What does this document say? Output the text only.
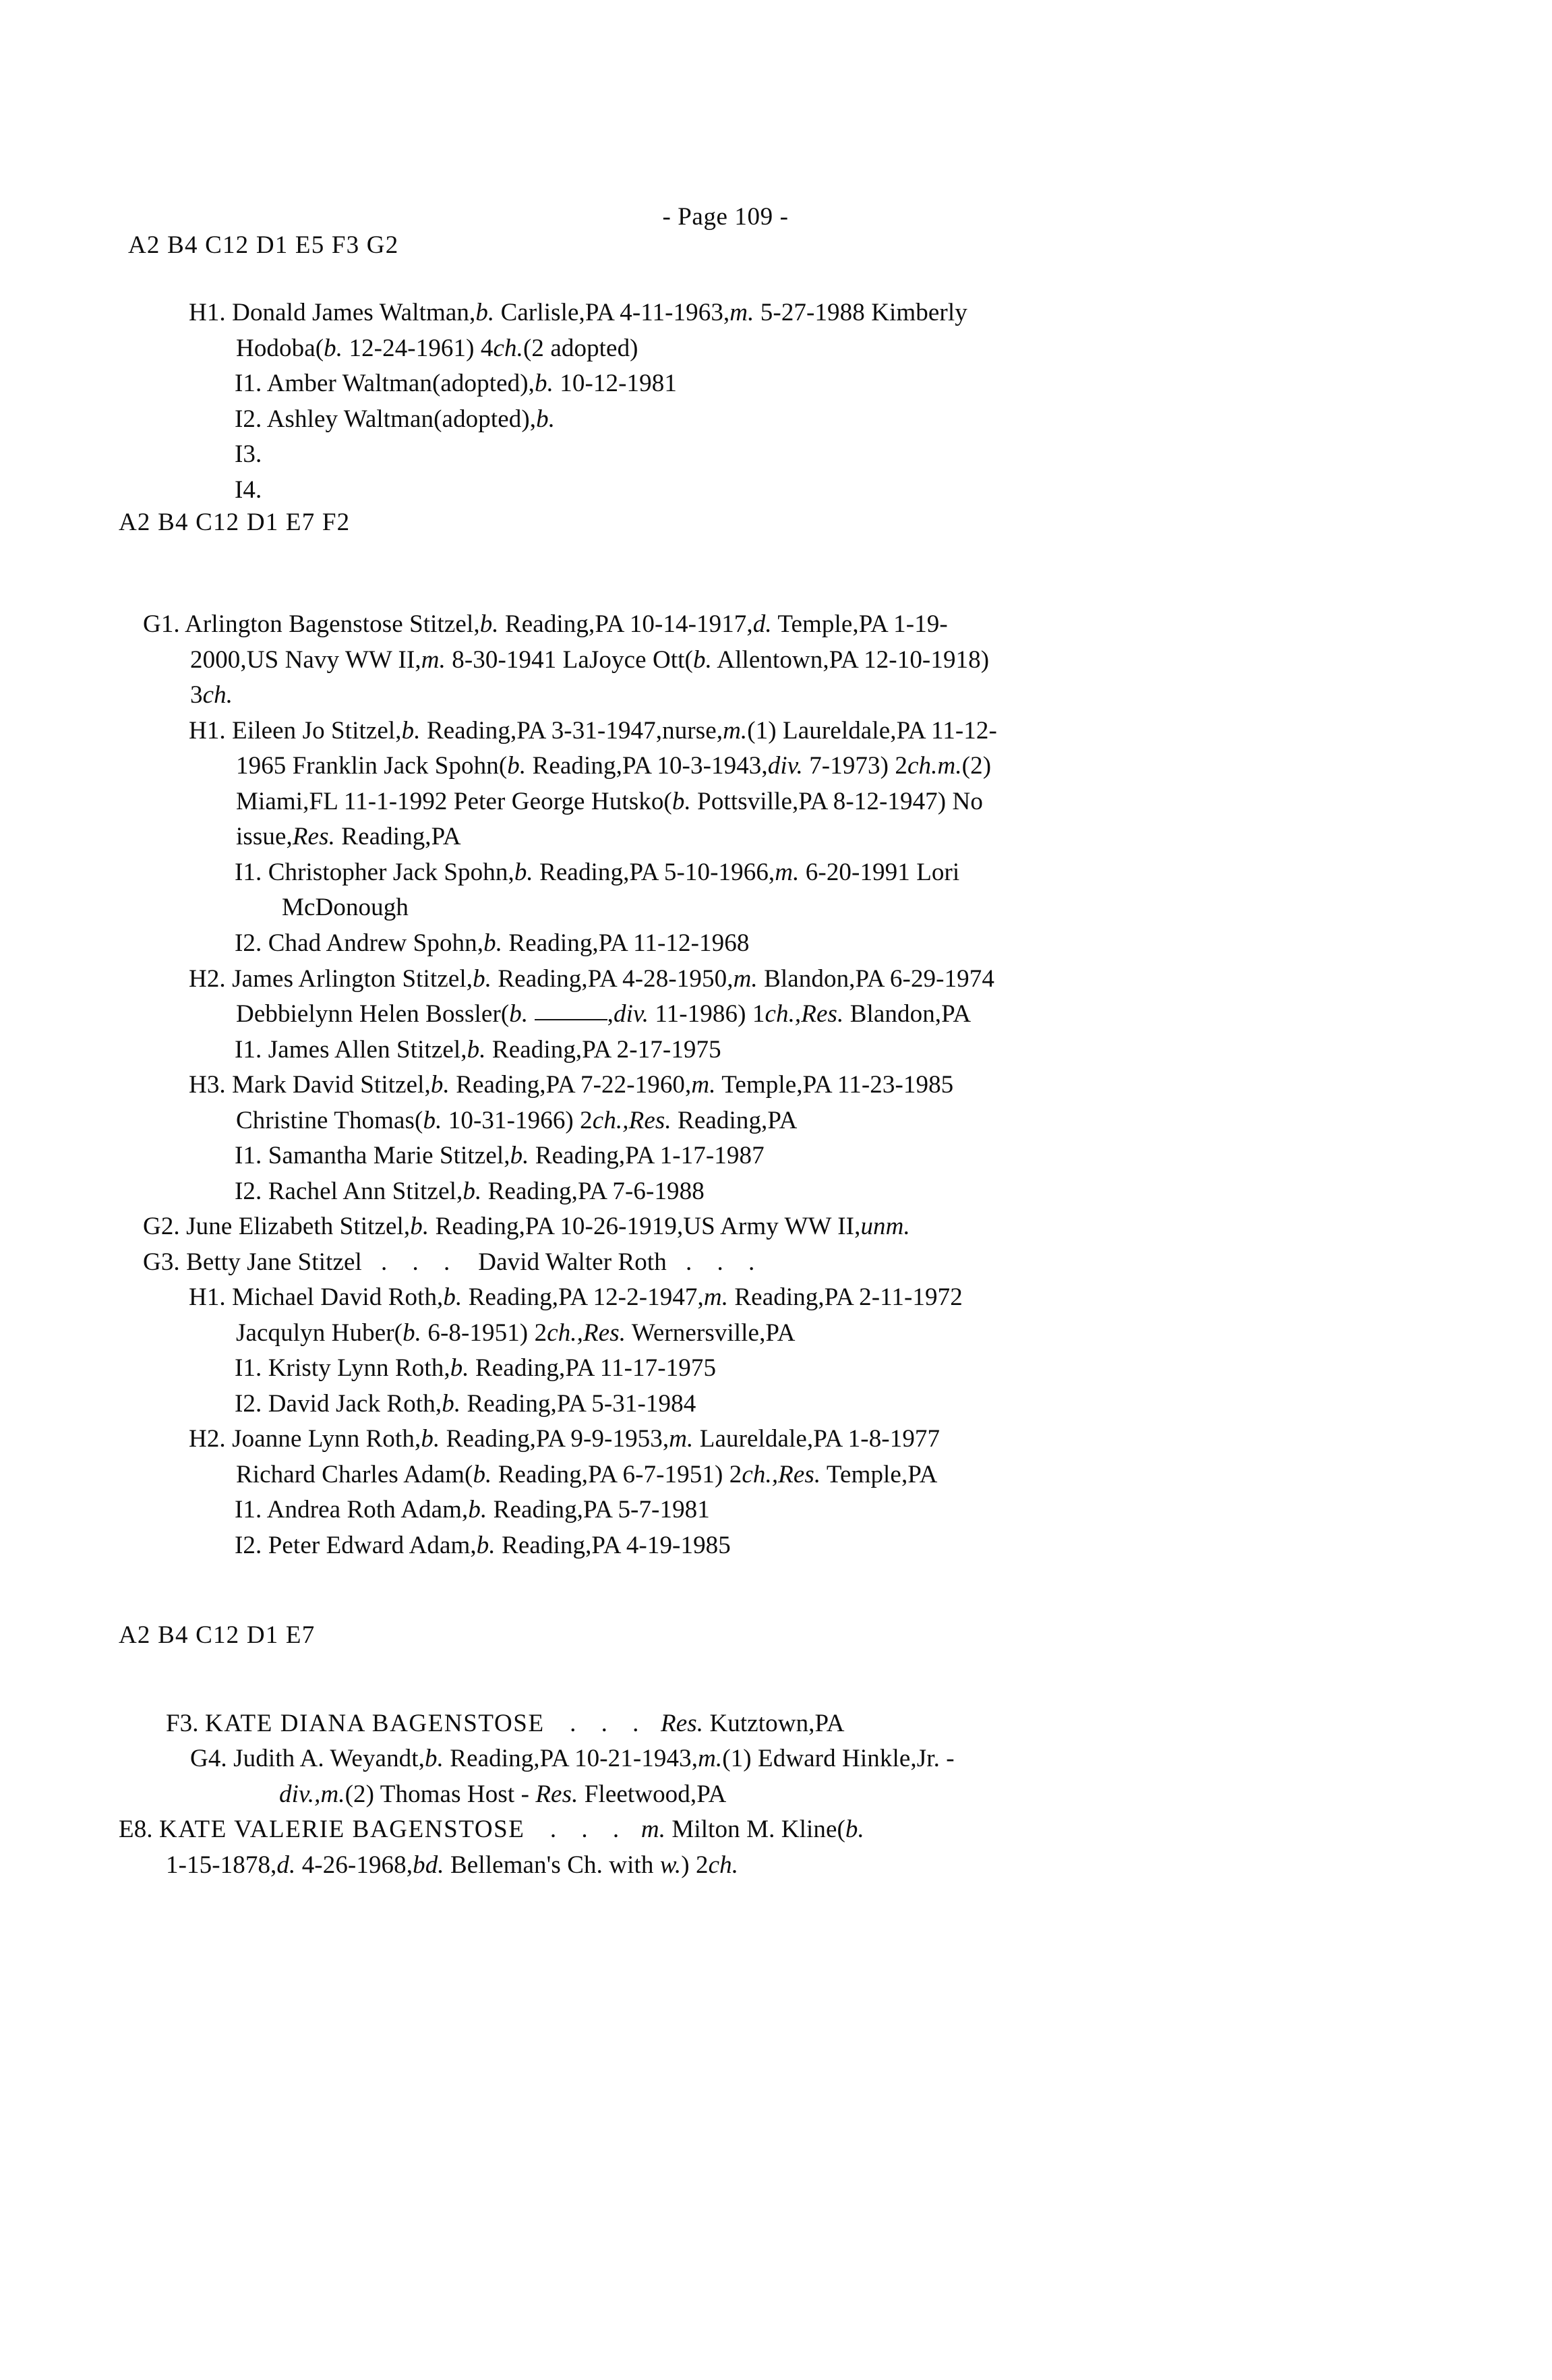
- Page 109 -
A2 B4 C12 D1 E5 F3 G2

H1. Donald James Waltman,b. Carlisle,PA 4-11-1963,m. 5-27-1988 Kimberly
Hodoba(b. 12-24-1961) 4ch.(2 adopted)

I1. Amber Waltman(adopted),b. 10-12-1981

I2. Ashley Waltman(adopted),b.

I3.

I4.

A2 B4 C12 D1 E7 F2

G1. Arlington Bagenstose Stitzel,b. Reading,PA 10-14-1917,d. Temple,PA 1-19-
2000,US Navy WW II,m. 8-30-1941 LaJoyce Ott(b. Allentown,PA 12-10-1918)
3ch.

H1. Eileen Jo Stitzel,b. Reading,PA 3-31-1947,nurse,m.(1) Laureldale,PA 11-12-
1965 Franklin Jack Spohn(b. Reading,PA 10-3-1943,div. 7-1973) 2ch.m.(2)
Miami,FL 11-1-1992 Peter George Hutsko(b. Pottsville,PA 8-12-1947) No
issue,Res. Reading,PA

I1. Christopher Jack Spohn,b. Reading,PA 5-10-1966,m. 6-20-1991 Lori
McDonough

I2. Chad Andrew Spohn,b. Reading,PA 11-12-1968

H2. James Arlington Stitzel,b. Reading,PA 4-28-1950,m. Blandon,PA 6-29-1974
Debbielynn Helen Bossler(b.	,div. 11-1986) 1ch.,Res. Blandon,PA

I1. James Allen Stitzel,b. Reading,PA 2-17-1975

H3. Mark David Stitzel,b. Reading,PA 7-22-1960,m. Temple,PA 11-23-1985
Christine Thomas(b. 10-31-1966) 2ch.,Res. Reading,PA

I1. Samantha Marie Stitzel,b. Reading,PA 1-17-1987

I2. Rachel Ann Stitzel,b. Reading,PA 7-6-1988

G2. June Elizabeth Stitzel,b. Reading,PA 10-26-1919,US Army WW II,unm.

G3. Betty Jane Stitzel . . . David Walter Roth . . .

H1. Michael David Roth,b. Reading,PA 12-2-1947,m. Reading,PA 2-11-1972
Jacqulyn Huber(b. 6-8-1951) 2ch.,Res. Wernersville,PA

I1. Kristy Lynn Roth,b. Reading,PA 11-17-1975

I2. David Jack Roth,b. Reading,PA 5-31-1984

H2. Joanne Lynn Roth,b. Reading,PA 9-9-1953,m. Laureldale,PA 1-8-1977
Richard Charles Adam(b. Reading,PA 6-7-1951) 2ch.,Res. Temple,PA

I1. Andrea Roth Adam,b. Reading,PA 5-7-1981

I2. Peter Edward Adam,b. Reading,PA 4-19-1985

A2 B4 C12 D1 E7

F3. KATE DIANA BAGENSTOSE . . . Res. Kutztown,PA

G4. Judith A. Weyandt,b. Reading,PA 10-21-1943,m.(1) Edward Hinkle,Jr. -
div.,m.(2) Thomas Host - Res. Fleetwood,PA

E8. KATE VALERIE BAGENSTOSE . . . m. Milton M. Kline(b.
1-15-1878,d. 4-26-1968,bd. Belleman's Ch. with w.) 2ch.
